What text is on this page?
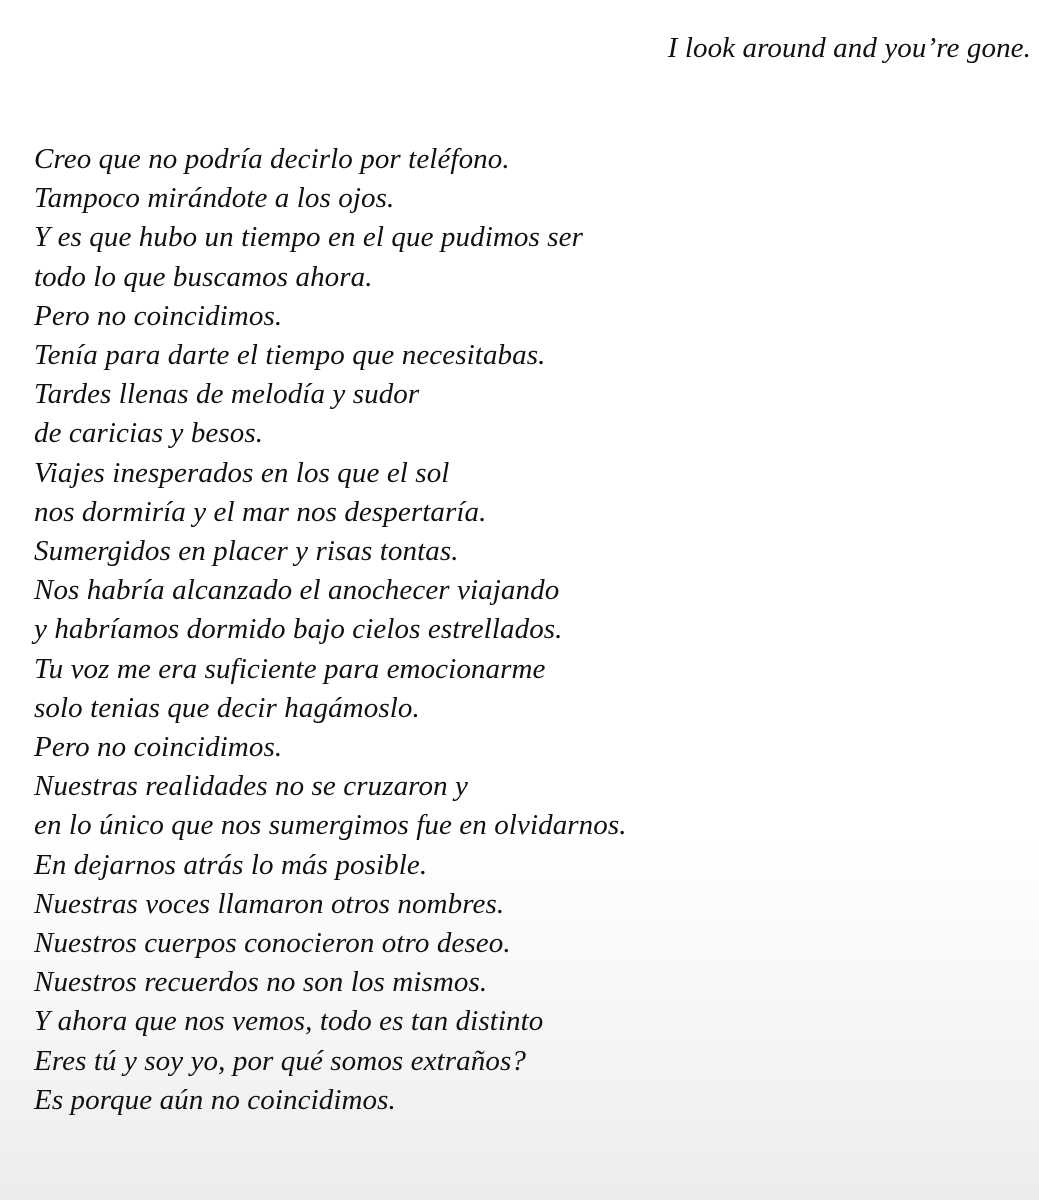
I look around and you’re gone.
Creo que no podría decirlo por teléfono.
Tampoco mirándote a los ojos.
Y es que hubo un tiempo en el que pudimos ser
todo lo que buscamos ahora.
Pero no coincidimos.
Tenía para darte el tiempo que necesitabas.
Tardes llenas de melodía y sudor
de caricias y besos.
Viajes inesperados en los que el sol
nos dormiría y el mar nos despertaría.
Sumergidos en placer y risas tontas.
Nos habría alcanzado el anochecer viajando
y habríamos dormido bajo cielos estrellados.
Tu voz me era suficiente para emocionarme
solo tenias que decir hagámoslo.
Pero no coincidimos.
Nuestras realidades no se cruzaron y
en lo único que nos sumergimos fue en olvidarnos.
En dejarnos atrás lo más posible.
Nuestras voces llamaron otros nombres.
Nuestros cuerpos conocieron otro deseo.
Nuestros recuerdos no son los mismos.
Y ahora que nos vemos, todo es tan distinto
Eres tú y soy yo, por qué somos extraños?
Es porque aún no coincidimos.
